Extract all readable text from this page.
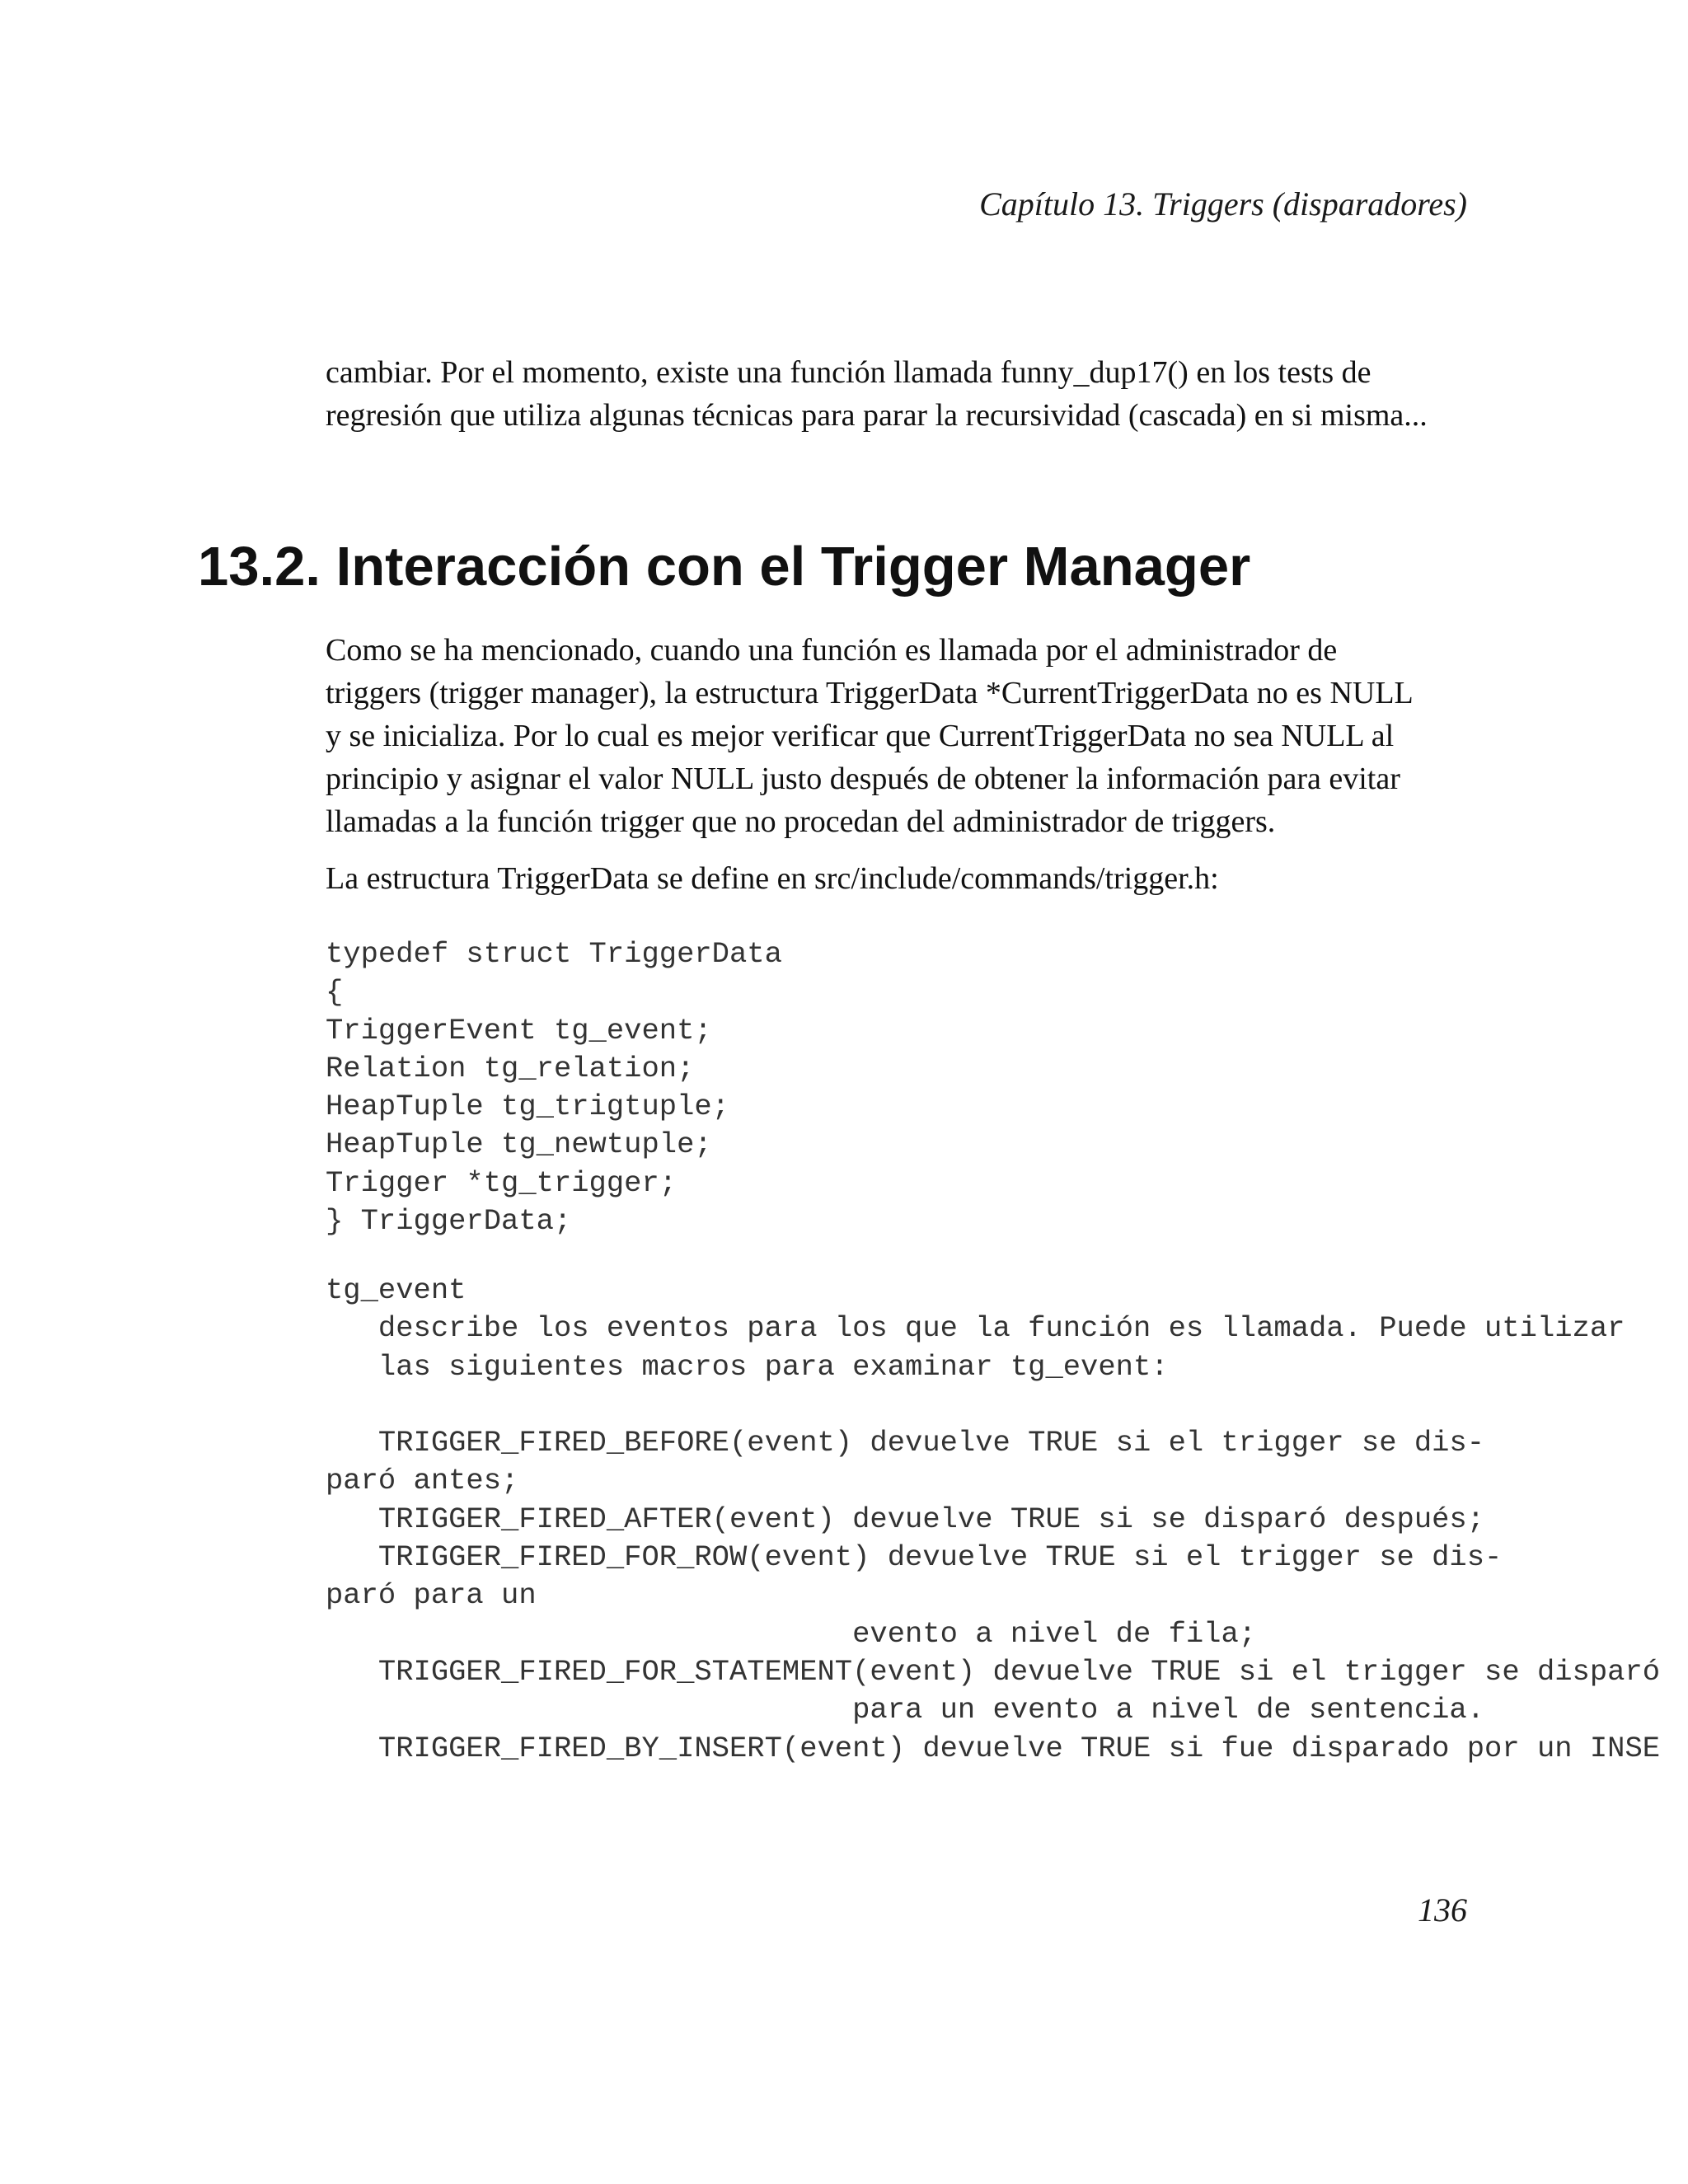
Capítulo 13. Triggers (disparadores)

cambiar. Por el momento, existe una función llamada funny_dup17() en los tests de
regresión que utiliza algunas técnicas para parar la recursividad (cascada) en si misma...

13.2. Interacción con el Trigger Manager

Como se ha mencionado, cuando una función es llamada por el administrador de
triggers (trigger manager), la estructura TriggerData *CurrentTriggerData no es NULL
y se inicializa. Por lo cual es mejor verificar que CurrentTriggerData no sea NULL al
principio y asignar el valor NULL justo después de obtener la información para evitar
llamadas a la función trigger que no procedan del administrador de triggers.

La estructura TriggerData se define en src/include/commands/trigger.h:

typedef struct TriggerData
{
TriggerEvent tg_event;
Relation tg_relation;
HeapTuple tg_trigtuple;
HeapTuple tg_newtuple;
Trigger *tg_trigger;
} TriggerData;
tg_event
describe los eventos para los que la función es llamada. Puede utilizar
las siguientes macros para examinar tg_event:
TRIGGER_FIRED_BEFORE(event) devuelve TRUE si el trigger se dis-
paró antes;
TRIGGER_FIRED_AFTER(event) devuelve TRUE si se disparó después;
TRIGGER_FIRED_FOR_ROW(event) devuelve TRUE si el trigger se dis-
paró para un
evento a nivel de fila;
TRIGGER_FIRED_FOR_STATEMENT(event) devuelve TRUE si el trigger se disparó
para un evento a nivel de sentencia.
TRIGGER_FIRED_BY_INSERT(event) devuelve TRUE si fue disparado por un INSE
136
